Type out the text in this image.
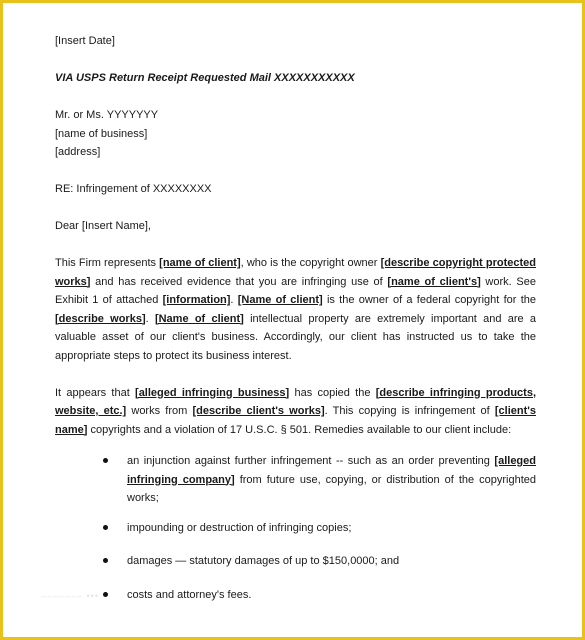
[Insert Date]

VIA USPS Return Receipt Requested Mail XXXXXXXXXXX

Mr. or Ms. YYYYYYY

[name of business]

[address]

RE: Infringement of XXXXXXXX

Dear [Insert Name],

This Firm represents [name of client], who is the copyright owner [describe copyright protected works] and has received evidence that you are infringing use of [name of client's] work. See Exhibit 1 of attached [information]. [Name of client] is the owner of a federal copyright for the [describe works]. [Name of client] intellectual property are extremely important and are a valuable asset of our client's business. Accordingly, our client has instructed us to take the appropriate steps to protect its business interest.

It appears that [alleged infringing business] has copied the [describe infringing products, website, etc.] works from [describe client's works]. This copying is infringement of [client's name] copyrights and a violation of 17 U.S.C. § 501. Remedies available to our client include:

an injunction against further infringement -- such as an order preventing [alleged infringing company] from future use, copying, or distribution of the copyrighted works;
impounding or destruction of infringing copies;
damages — statutory damages of up to $150,0000; and
costs and attorney's fees.
––––––– •••
